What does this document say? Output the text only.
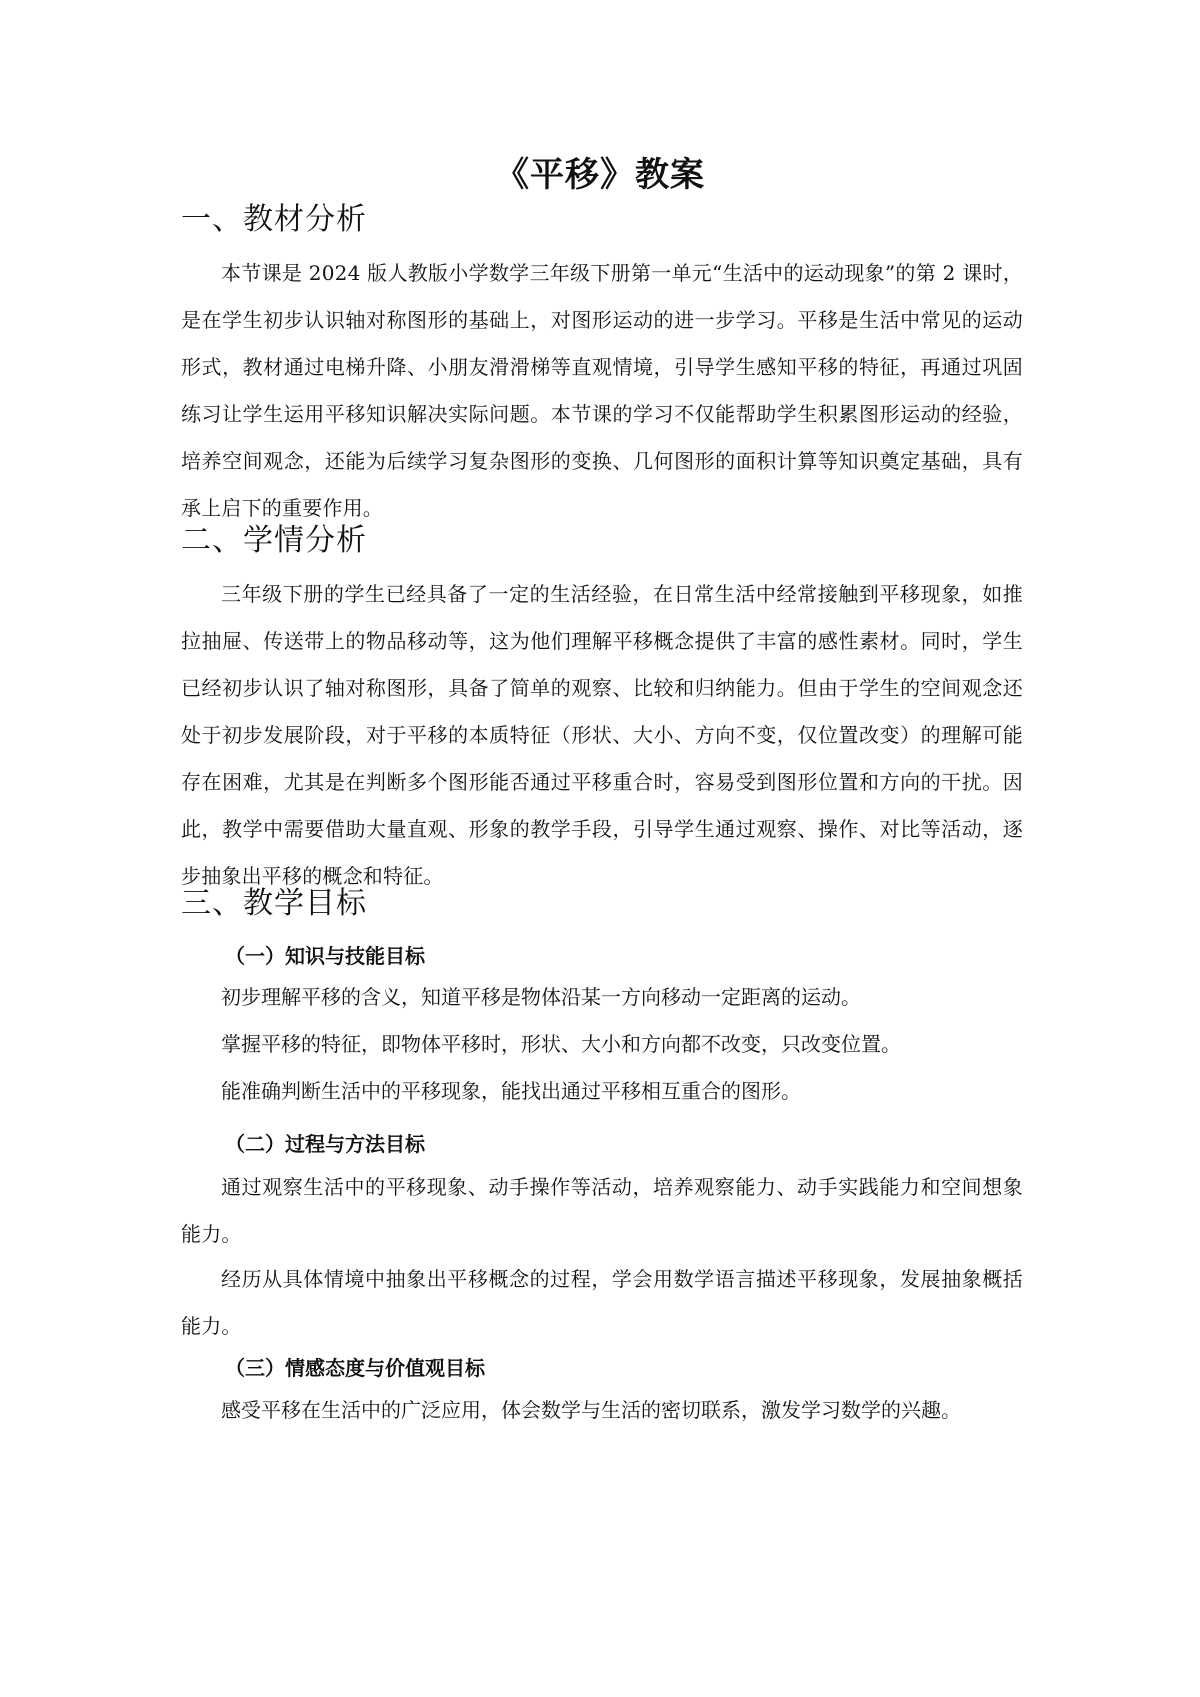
《平移》教案
一、教材分析
本节课是 2024 版人教版小学数学三年级下册第一单元“生活中的运动现象”的第 2 课时，是在学生初步认识轴对称图形的基础上，对图形运动的进一步学习。平移是生活中常见的运动形式，教材通过电梯升降、小朋友滑滑梯等直观情境，引导学生感知平移的特征，再通过巩固练习让学生运用平移知识解决实际问题。本节课的学习不仅能帮助学生积累图形运动的经验，培养空间观念，还能为后续学习复杂图形的变换、几何图形的面积计算等知识奠定基础，具有承上启下的重要作用。
二、学情分析
三年级下册的学生已经具备了一定的生活经验，在日常生活中经常接触到平移现象，如推拉抽屉、传送带上的物品移动等，这为他们理解平移概念提供了丰富的感性素材。同时，学生已经初步认识了轴对称图形，具备了简单的观察、比较和归纳能力。但由于学生的空间观念还处于初步发展阶段，对于平移的本质特征（形状、大小、方向不变，仅位置改变）的理解可能存在困难，尤其是在判断多个图形能否通过平移重合时，容易受到图形位置和方向的干扰。因此，教学中需要借助大量直观、形象的教学手段，引导学生通过观察、操作、对比等活动，逐步抽象出平移的概念和特征。
三、教学目标
（一）知识与技能目标
初步理解平移的含义，知道平移是物体沿某一方向移动一定距离的运动。
掌握平移的特征，即物体平移时，形状、大小和方向都不改变，只改变位置。
能准确判断生活中的平移现象，能找出通过平移相互重合的图形。
（二）过程与方法目标
通过观察生活中的平移现象、动手操作等活动，培养观察能力、动手实践能力和空间想象能力。
经历从具体情境中抽象出平移概念的过程，学会用数学语言描述平移现象，发展抽象概括能力。
（三）情感态度与价值观目标
感受平移在生活中的广泛应用，体会数学与生活的密切联系，激发学习数学的兴趣。
